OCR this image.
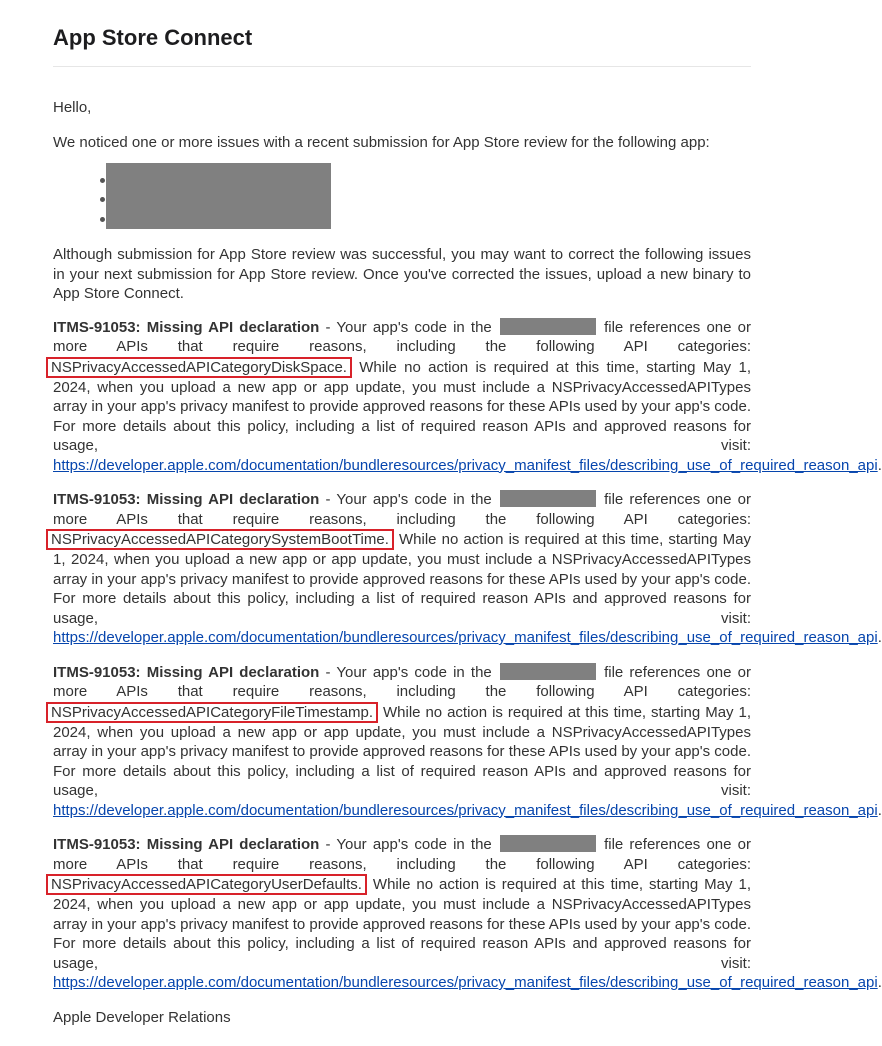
App Store Connect

Hello,

We noticed one or more issues with a recent submission for App Store review for the following app:

Although submission for App Store review was successful, you may want to correct the following issues in your next submission for App Store review. Once you've corrected the issues, upload a new binary to App Store Connect.

ITMS-91053: Missing API declaration - Your app's code in the	file references one or more APIs that require reasons, including the following API categories: NSPrivacyAccessedAPICategoryDiskSpace. While no action is required at this time, starting May 1, 2024, when you upload a new app or app update, you must include a NSPrivacyAccessedAPITypes array in your app's privacy manifest to provide approved reasons for these APIs used by your app's code. For more details about this policy, including a list of required reason APIs and approved reasons for usage, visit: https://developer.apple.com/documentation/bundleresources/privacy_manifest_files/describing_use_of_required_reason_api.

ITMS-91053: Missing API declaration - Your app's code in the	file references one or more APIs that require reasons, including the following API categories: NSPrivacyAccessedAPICategorySystemBootTime. While no action is required at this time, starting May 1, 2024, when you upload a new app or app update, you must include a NSPrivacyAccessedAPITypes array in your app's privacy manifest to provide approved reasons for these APIs used by your app's code. For more details about this policy, including a list of required reason APIs and approved reasons for usage, visit: https://developer.apple.com/documentation/bundleresources/privacy_manifest_files/describing_use_of_required_reason_api.

ITMS-91053: Missing API declaration - Your app's code in the	file references one or more APIs that require reasons, including the following API categories: NSPrivacyAccessedAPICategoryFileTimestamp. While no action is required at this time, starting May 1, 2024, when you upload a new app or app update, you must include a NSPrivacyAccessedAPITypes array in your app's privacy manifest to provide approved reasons for these APIs used by your app's code. For more details about this policy, including a list of required reason APIs and approved reasons for usage, visit: https://developer.apple.com/documentation/bundleresources/privacy_manifest_files/describing_use_of_required_reason_api.

ITMS-91053: Missing API declaration - Your app's code in the	file references one or more APIs that require reasons, including the following API categories: NSPrivacyAccessedAPICategoryUserDefaults. While no action is required at this time, starting May 1, 2024, when you upload a new app or app update, you must include a NSPrivacyAccessedAPITypes array in your app's privacy manifest to provide approved reasons for these APIs used by your app's code. For more details about this policy, including a list of required reason APIs and approved reasons for usage, visit: https://developer.apple.com/documentation/bundleresources/privacy_manifest_files/describing_use_of_required_reason_api.

Apple Developer Relations
